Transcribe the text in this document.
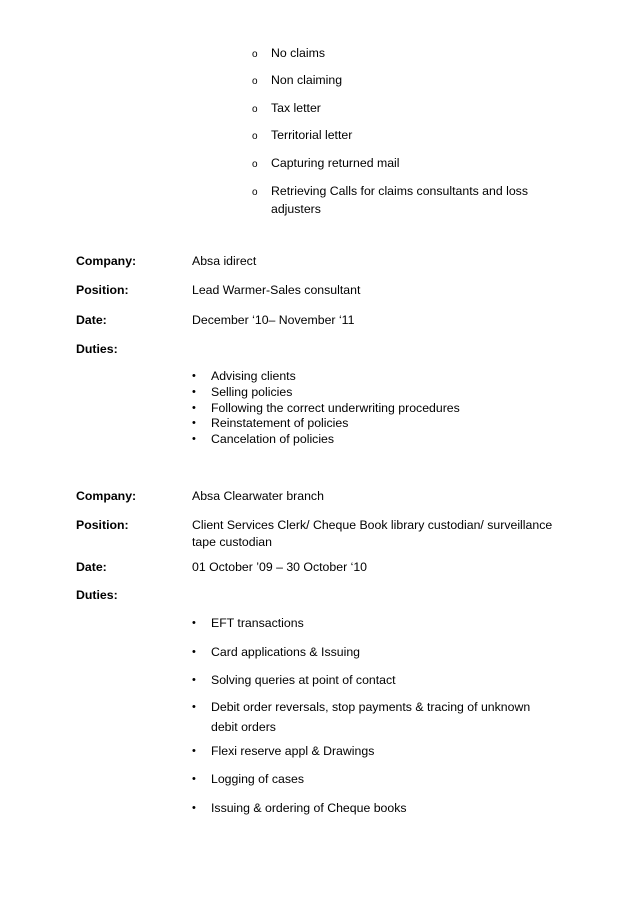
o No claims
o Non claiming
o Tax letter
o Territorial letter
o Capturing returned mail
o Retrieving Calls for claims consultants and loss adjusters
Company:	Absa idirect
Position:	Lead Warmer-Sales consultant
Date:	December ‘10– November ‘11
Duties:
• Advising clients
• Selling policies
• Following the correct underwriting procedures
• Reinstatement of policies
• Cancelation of policies
Company:	Absa Clearwater branch
Position:	Client Services Clerk/ Cheque Book library custodian/ surveillance tape custodian
Date:	01 October ’09 – 30 October ‘10
Duties:
• EFT transactions
• Card applications & Issuing
• Solving queries at point of contact
• Debit order reversals, stop payments & tracing of unknown debit orders
• Flexi reserve appl & Drawings
• Logging of cases
• Issuing & ordering of Cheque books
